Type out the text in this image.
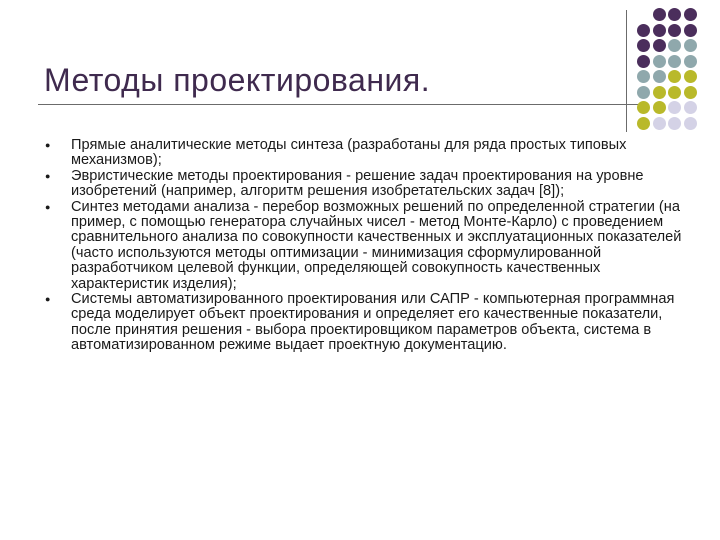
Методы проектирования.
●	Прямые аналитические методы синтеза (разработаны для ряда простых типовых механизмов);
●	Эвристические методы проектирования - решение задач проектирования на уровне изобретений (например, алгоритм решения изобретательских задач [8]);
●	Синтез методами анализа - перебор возможных решений по определенной стратегии (на пример, с помощью генератора случайных чисел - метод Монте-Карло) с проведением сравнительного анализа по совокупности качественных и эксплуатационных показателей (часто используются методы оптимизации - минимизация сформулированной разработчиком целевой функции, определяющей совокупность качественных характеристик изделия);
●	Системы автоматизированного проектирования или САПР - компьютерная программная среда моделирует объект проектирования и определяет его качественные показатели, после принятия решения - выбора проектировщиком параметров объекта, система в автоматизированном режиме выдает проектную документацию.
